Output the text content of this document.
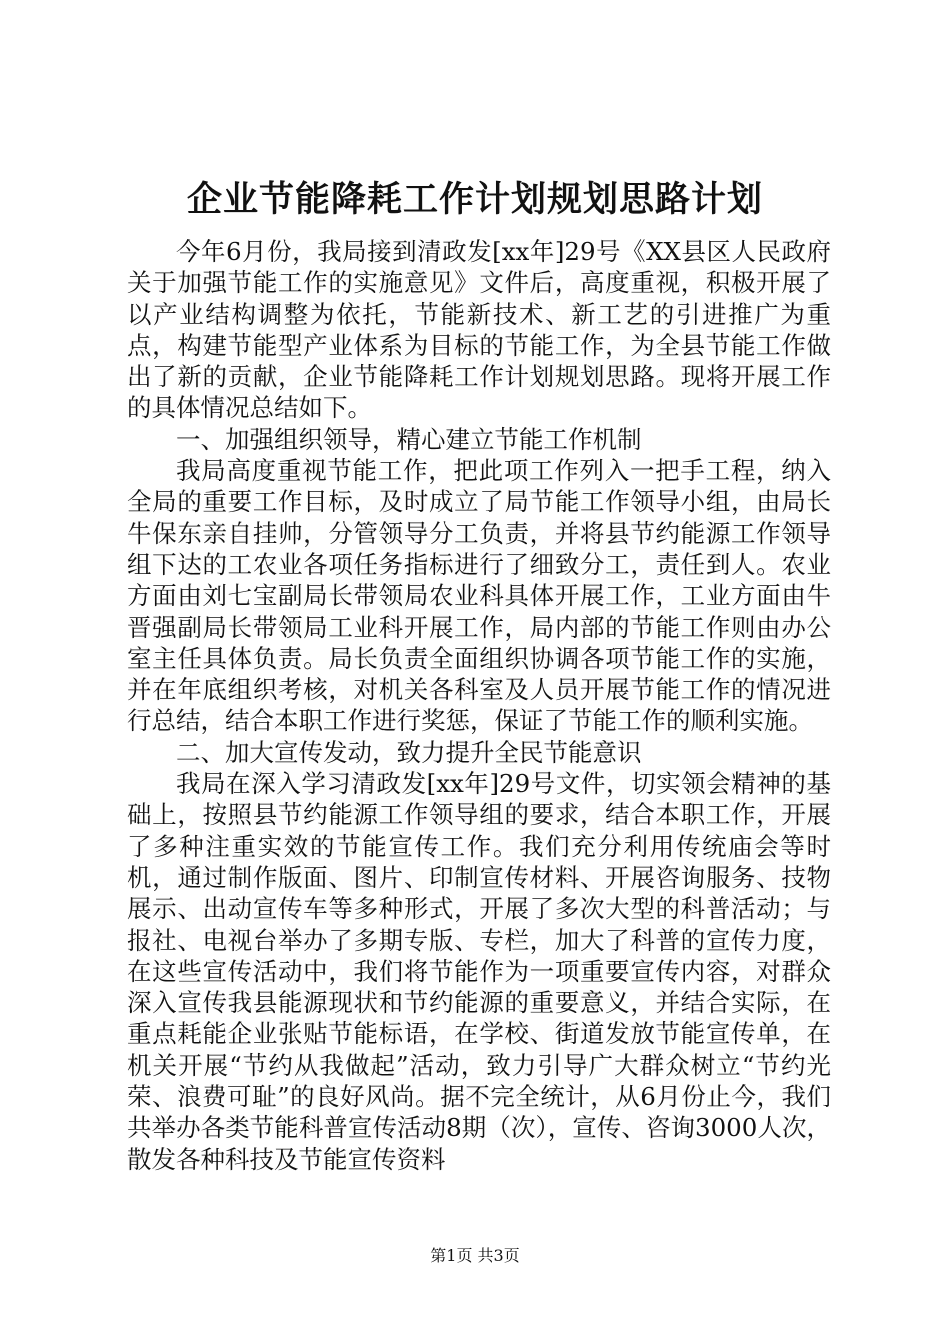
企业节能降耗工作计划规划思路计划

今年6月份，我局接到清政发[xx年]29号《XX县区人民政府关于加强节能工作的实施意见》文件后，高度重视，积极开展了以产业结构调整为依托，节能新技术、新工艺的引进推广为重点，构建节能型产业体系为目标的节能工作，为全县节能工作做出了新的贡献，企业节能降耗工作计划规划思路。现将开展工作的具体情况总结如下。

一、加强组织领导，精心建立节能工作机制

我局高度重视节能工作，把此项工作列入一把手工程，纳入全局的重要工作目标，及时成立了局节能工作领导小组，由局长牛保东亲自挂帅，分管领导分工负责，并将县节约能源工作领导组下达的工农业各项任务指标进行了细致分工，责任到人。农业方面由刘七宝副局长带领局农业科具体开展工作，工业方面由牛晋强副局长带领局工业科开展工作，局内部的节能工作则由办公室主任具体负责。局长负责全面组织协调各项节能工作的实施，并在年底组织考核，对机关各科室及人员开展节能工作的情况进行总结，结合本职工作进行奖惩，保证了节能工作的顺利实施。

二、加大宣传发动，致力提升全民节能意识

我局在深入学习清政发[xx年]29号文件，切实领会精神的基础上，按照县节约能源工作领导组的要求，结合本职工作，开展了多种注重实效的节能宣传工作。我们充分利用传统庙会等时机，通过制作版面、图片、印制宣传材料、开展咨询服务、技物展示、出动宣传车等多种形式，开展了多次大型的科普活动；与报社、电视台举办了多期专版、专栏，加大了科普的宣传力度，在这些宣传活动中，我们将节能作为一项重要宣传内容，对群众深入宣传我县能源现状和节约能源的重要意义，并结合实际，在重点耗能企业张贴节能标语，在学校、街道发放节能宣传单，在机关开展“节约从我做起”活动，致力引导广大群众树立“节约光荣、浪费可耻”的良好风尚。据不完全统计，从6月份止今，我们共举办各类节能科普宣传活动8期（次），宣传、咨询3000人次，散发各种科技及节能宣传资料

第1页 共3页
